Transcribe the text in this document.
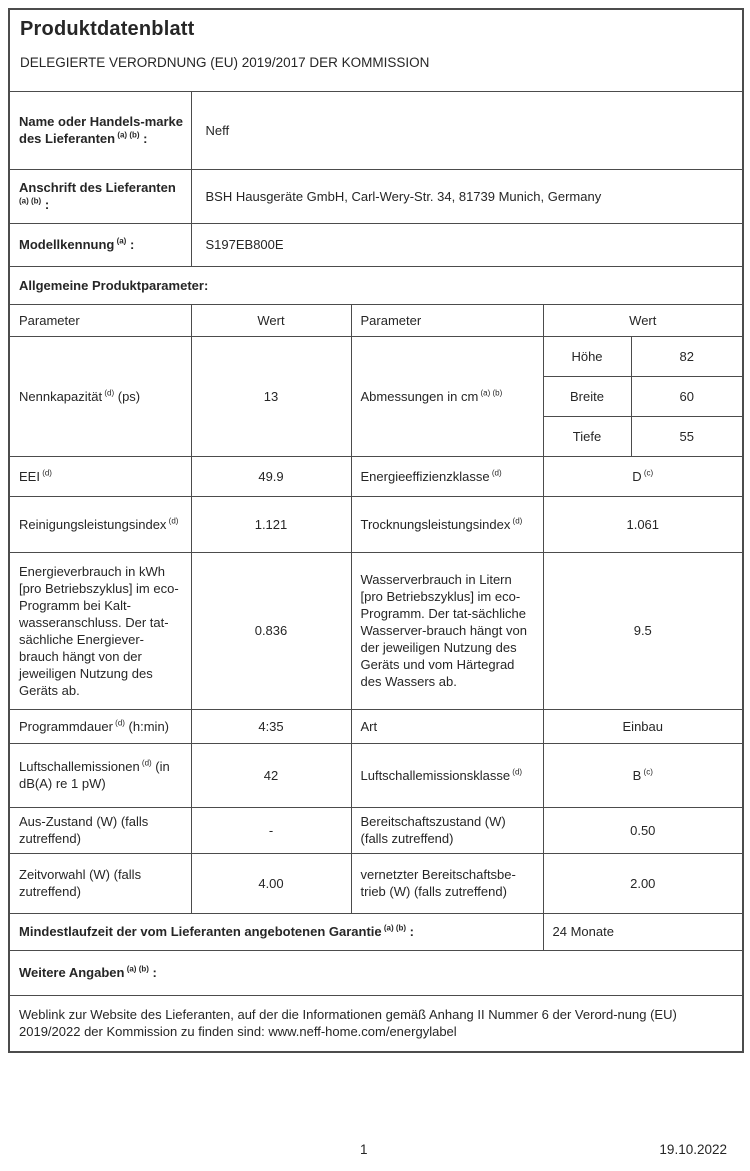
Produktdatenblatt
DELEGIERTE VERORDNUNG (EU) 2019/2017 DER KOMMISSION				

Name oder Handels-marke des Lieferanten $^{(a) (b)}$ :	Neff			
Anschrift des Lieferanten $^{(a) (b)}$ :	BSH Hausgeräte GmbH, Carl-Wery-Str. 34, 81739 Munich, Germany			
Modellkennung $^{(a)}$ :	S197EB800E			
Allgemeine Produktparameter:				
Parameter	Wert	Parameter	Wert	
Nennkapazität $^{(d)}$ (ps)	13	Abmessungen in cm $^{(a) (b)}$	Höhe	82
			Breite	60
			Tiefe	55
EEI $^{(d)}$	49.9	Energieeffizienzklasse $^{(d)}$	D $^{(c)}$
Reinigungsleistungsindex $^{(d)}$	1.121	Trocknungsleistungsindex $^{(d)}$	1.061	
Energieverbrauch in kWh [pro Betriebszyklus] im eco-Programm bei Kalt-wasseranschluss. Der tat-sächliche Energiever-brauch hängt von der jeweiligen Nutzung des Geräts ab.	0.836	Wasserverbrauch in Litern [pro Betriebszyklus] im eco-Programm. Der tat-sächliche Wasserver-brauch hängt von der jeweiligen Nutzung des Geräts und vom Härtegrad des Wassers ab.	9.5	
Programmdauer $^{(d)}$ (h:min)	4:35	Art	Einbau	
Luftschallemissionen $^{(d)}$ (in dB(A) re 1 pW)	42	Luftschallemissionsklasse $^{(d)}$	B $^{(c)}$
Aus-Zustand (W) (falls zutreffend)	-	Bereitschaftszustand (W) (falls zutreffend)	0.50	
Zeitvorwahl (W) (falls zutreffend)	4.00	vernetzter Bereitschaftsbe-trieb (W) (falls zutreffend)	2.00	
Mindestlaufzeit der vom Lieferanten angebotenen Garantie $^{(a) (b)}$ :			24 Monate	
Weitere Angaben $^{(a) (b)}$ :				
Weblink zur Website des Lieferanten, auf der die Informationen gemäß Anhang II Nummer 6 der Verord-nung (EU) 2019/2022 der Kommission zu finden sind: www.neff-home.com/energylabel				
1	19.10.2022
